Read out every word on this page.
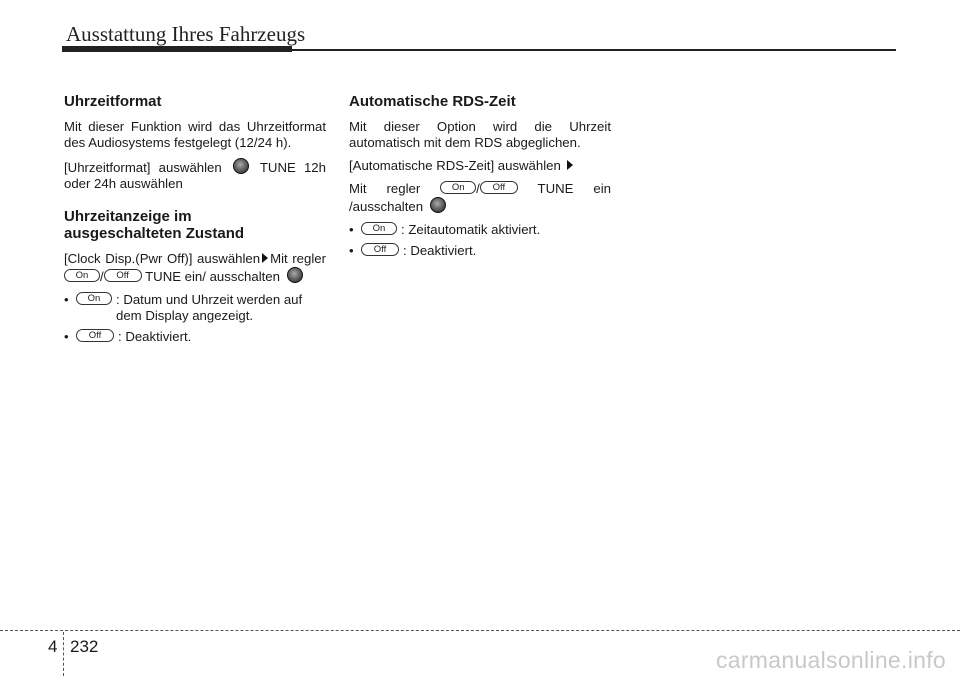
Ausstattung Ihres Fahrzeugs
Uhrzeitformat

Mit dieser Funktion wird das Uhrzeitformat des Audiosystems festgelegt (12/24 h).

[Uhrzeitformat] auswählen	TUNE 12h oder 24h auswählen

Uhrzeitanzeige im
ausgeschalteten Zustand

[Clock Disp.(Pwr Off)] auswählen Mit regler On / Off TUNE ein/ ausschalten

•	On	: Datum und Uhrzeit werden auf dem Display angezeigt.
•	Off	: Deaktiviert.
Automatische RDS-Zeit

Mit dieser Option wird die Uhrzeit automatisch mit dem RDS abgeglichen.

[Automatische RDS-Zeit] auswählen

Mit regler	On / Off TUNE ein /ausschalten

•	On	: Zeitautomatik aktiviert.
•	Off	: Deaktiviert.
4 232
carmanualsonline.info
